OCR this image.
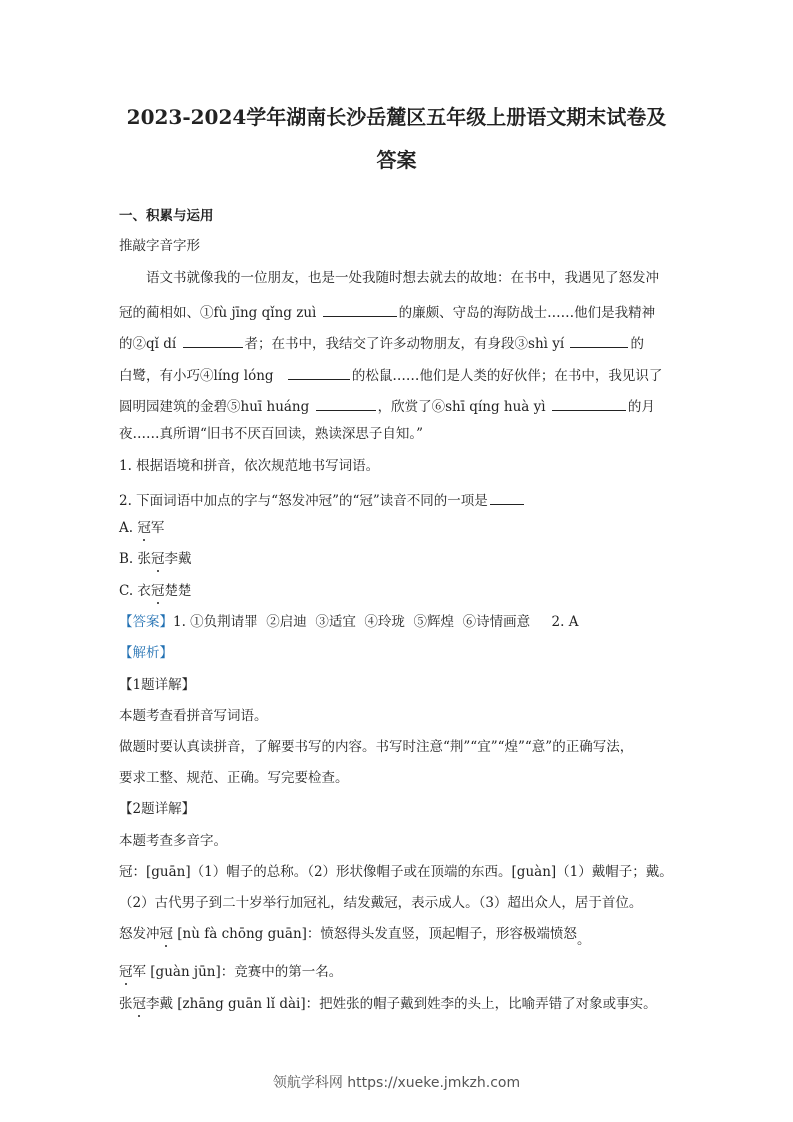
2023-2024学年湖南长沙岳麓区五年级上册语文期末试卷及
答案
一、积累与运用
推敲字音字形
语文书就像我的一位朋友，也是一处我随时想去就去的故地：在书中，我遇见了怒发冲
冠的蔺相如、①fù jīng qǐng zuì	的廉颇、守岛的海防战士……他们是我精神
的②qǐ dí	者；在书中，我结交了许多动物朋友，有身段③shì yí	的
白鹭，有小巧④líng lóng	的松鼠……他们是人类的好伙伴；在书中，我见识了
圆明园建筑的金碧⑤huī huáng	，欣赏了⑥shī qíng huà yì	的月
夜……真所谓“旧书不厌百回读，熟读深思子自知。”
1. 根据语境和拼音，依次规范地书写词语。
2. 下面词语中加点的字与“怒发冲冠”的“冠”读音不同的一项是
A. 冠军
B. 张冠李戴
C. 衣冠楚楚
【答案】1. ①负荆请罪  ②启迪  ③适宜  ④玲珑  ⑤辉煌  ⑥诗情画意     2. A
【解析】
【1题详解】
本题考查看拼音写词语。
做题时要认真读拼音，了解要书写的内容。书写时注意“荆”“宜”“煌”“意”的正确写法，
要求工整、规范、正确。写完要检查。
【2题详解】
本题考查多音字。
冠：[guān]（1）帽子的总称。（2）形状像帽子或在顶端的东西。[guàn]（1）戴帽子；戴。
（2）古代男子到二十岁举行加冠礼，结发戴冠，表示成人。（3）超出众人，居于首位。
怒发冲冠 [nù fà chōng guān]：愤怒得头发直竖，顶起帽子，形容极端愤怒。
冠军 [guàn jūn]：竞赛中的第一名。
张冠李戴 [zhāng guān lǐ dài]：把姓张的帽子戴到姓李的头上，比喻弄错了对象或事实。
领航学科网 https://xueke.jmkzh.com
